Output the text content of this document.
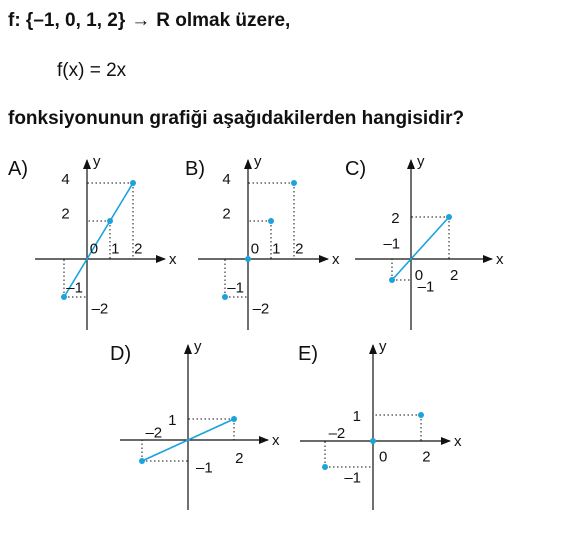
f: {–1, 0, 1, 2} → R olmak üzere,
f(x) = 2x
fonksiyonunun grafiği aşağıdakilerden hangisidir?
A)	B)	C)
D)	E)
x
y
–1
0 1 2
4
2
–2
x
y
–1
0 1 2
4
2
–2
x
y
–1
0 2
2
–1
x
y
–2
2
1
–1
x
y
–2
0 2
1
–1
